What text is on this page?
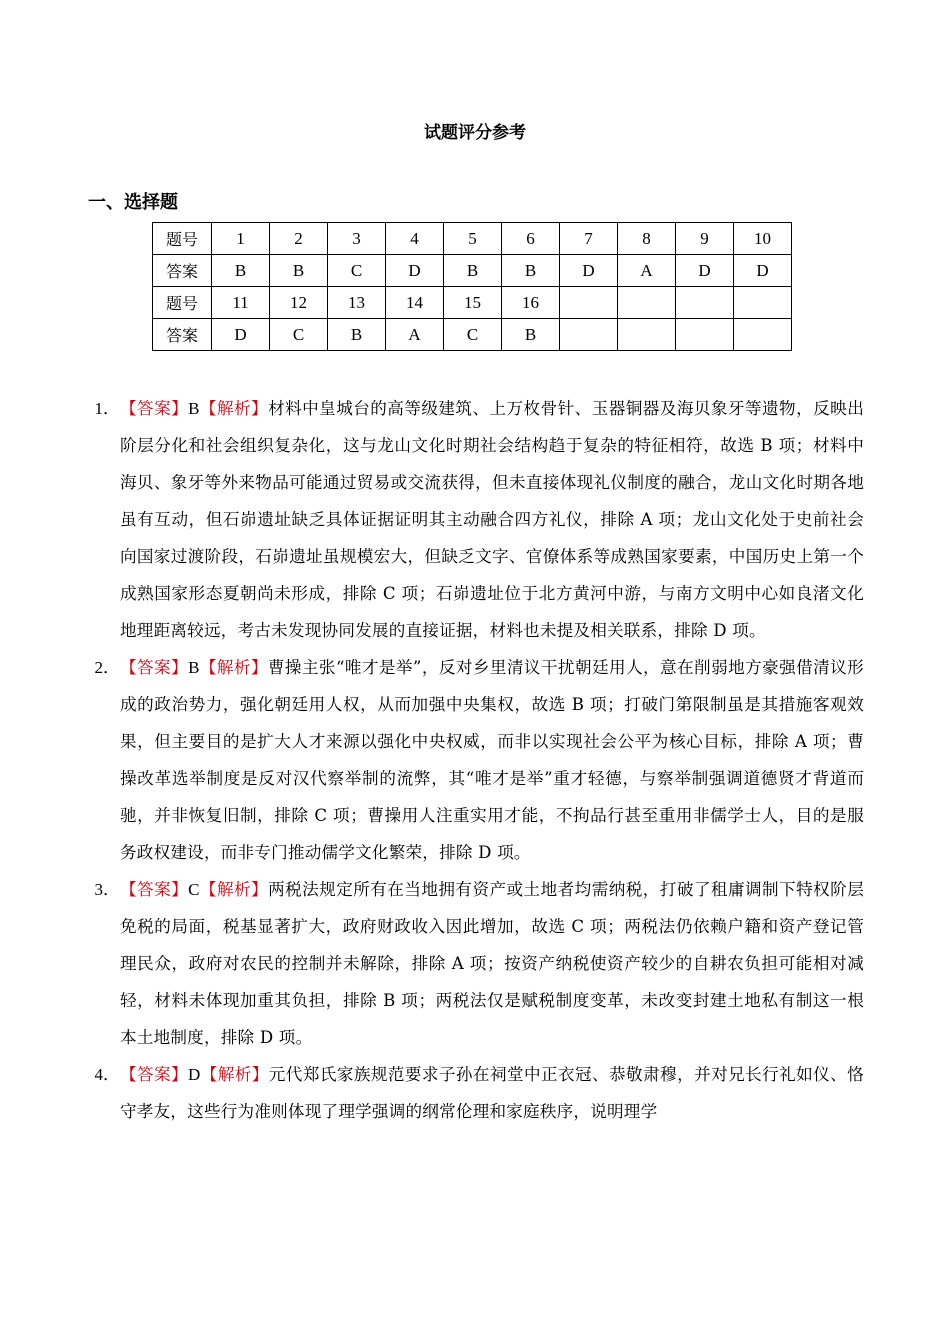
试题评分参考
一、选择题
题号	1	2	3	4	5	6	7	8	9	10
答案	B	B	C	D	B	B	D	A	D	D
题号	11	12	13	14	15	16				
答案	D	C	B	A	C	B				
1． 【答案】B【解析】材料中皇城台的高等级建筑、上万枚骨针、玉器铜器及海贝象牙等遗物，反映出阶层分化和社会组织复杂化，这与龙山文化时期社会结构趋于复杂的特征相符，故选 B 项；材料中海贝、象牙等外来物品可能通过贸易或交流获得，但未直接体现礼仪制度的融合，龙山文化时期各地虽有互动，但石峁遗址缺乏具体证据证明其主动融合四方礼仪，排除 A 项；龙山文化处于史前社会向国家过渡阶段，石峁遗址虽规模宏大，但缺乏文字、官僚体系等成熟国家要素，中国历史上第一个成熟国家形态夏朝尚未形成，排除 C 项；石峁遗址位于北方黄河中游，与南方文明中心如良渚文化地理距离较远，考古未发现协同发展的直接证据，材料也未提及相关联系，排除 D 项。
2． 【答案】B【解析】曹操主张“唯才是举”，反对乡里清议干扰朝廷用人，意在削弱地方豪强借清议形成的政治势力，强化朝廷用人权，从而加强中央集权，故选 B 项；打破门第限制虽是其措施客观效果，但主要目的是扩大人才来源以强化中央权威，而非以实现社会公平为核心目标，排除 A 项；曹操改革选举制度是反对汉代察举制的流弊，其“唯才是举”重才轻德，与察举制强调道德贤才背道而驰，并非恢复旧制，排除 C 项；曹操用人注重实用才能，不拘品行甚至重用非儒学士人，目的是服务政权建设，而非专门推动儒学文化繁荣，排除 D 项。
3． 【答案】C【解析】两税法规定所有在当地拥有资产或土地者均需纳税，打破了租庸调制下特权阶层免税的局面，税基显著扩大，政府财政收入因此增加，故选 C 项；两税法仍依赖户籍和资产登记管理民众，政府对农民的控制并未解除，排除 A 项；按资产纳税使资产较少的自耕农负担可能相对减轻，材料未体现加重其负担，排除 B 项；两税法仅是赋税制度变革，未改变封建土地私有制这一根本土地制度，排除 D 项。
4． 【答案】D【解析】元代郑氏家族规范要求子孙在祠堂中正衣冠、恭敬肃穆，并对兄长行礼如仪、恪守孝友，这些行为准则体现了理学强调的纲常伦理和家庭秩序，说明理学
